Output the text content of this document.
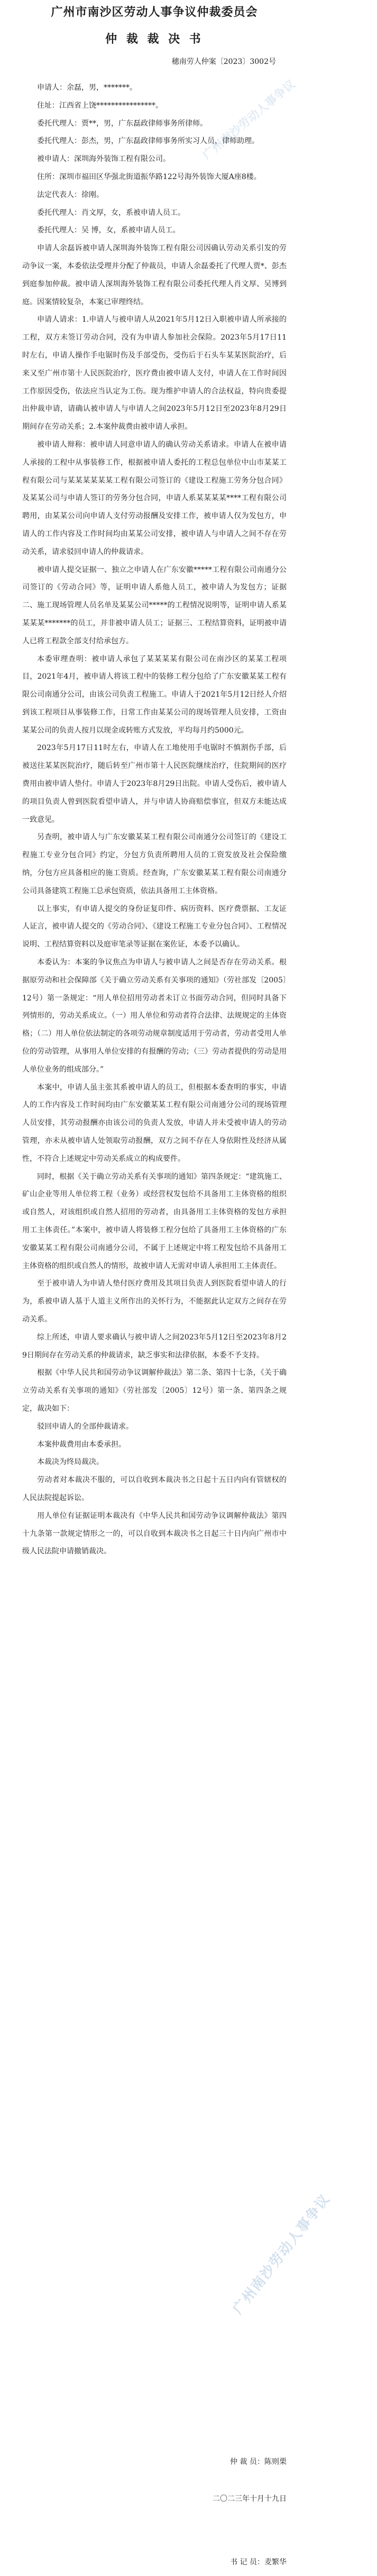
广州市南沙区劳动人事争议仲裁委员会
仲 裁 裁 决 书
穗南劳人仲案〔2023〕3002号

申请人：余磊，男，*******。

住址：江西省上饶****************。

委托代理人：贾**，男，广东磊政律师事务所律师。

委托代理人：彭杰，男，广东磊政律师事务所实习人员，律师助理。

被申请人：深圳海外装饰工程有限公司。

住所：深圳市福田区华强北街道振华路122号海外装饰大厦A座8楼。

法定代表人：徐刚。

委托代理人：肖文厚，女，系被申请人员工。

委托代理人：吴 博，女，系被申请人员工。

申请人余磊诉被申请人深圳海外装饰工程有限公司因确认劳动关系引发的劳动争议一案，本委依法受理并分配了仲裁员，申请人余磊委托了代理人贾*、彭杰到庭参加仲裁。被申请人深圳海外装饰工程有限公司委托代理人肖文厚、吴博到庭。因案情较复杂，本案已审理终结。

申请人请求：1.申请人与被申请人从2021年5月12日入职被申请人所承接的工程，双方未签订劳动合同，没有为申请人参加社会保险。2023年5月17日11时左右，申请人操作手电锯时伤及手部受伤，受伤后于石头车某某医院治疗，后来又至广州市第十人民医院治疗，医疗费由被申请人支付，申请人在工作时间因工作原因受伤，依法应当认定为工伤。现为维护申请人的合法权益，特向贵委提出仲裁申请，请确认被申请人与申请人之间2023年5月12日至2023年8月29日期间存在劳动关系；2.本案仲裁费由被申请人承担。

被申请人辩称：被申请人同意申请人的确认劳动关系请求。申请人在被申请人承接的工程中从事装修工作，根据被申请人委托的工程总包单位中山市某某工程有限公司与某某某某某某工程有限公司签订的《建设工程施工劳务分包合同》及某某公司与申请人签订的劳务分包合同，申请人系某某某某****工程有限公司聘用，由某某公司向申请人支付劳动报酬及安排工作，被申请人仅为发包方，申请人的工作内容及工作时间均由某某公司安排，被申请人与申请人之间不存在劳动关系，请求驳回申请人的仲裁请求。

被申请人提交证据一、独立之申请人在广东安徽*****工程有限公司南通分公司签订的《劳动合同》等，证明申请人系他人员工，被申请人为发包方；证据二、施工现场管理人员名单及某某公司*****的工程情况说明等，证明申请人系某某某某*******的员工，并非被申请人员工；证据三、工程结算资料，证明被申请人已将工程款全部支付给承包方。

本委审理查明：被申请人承包了某某某某有限公司在南沙区的某某工程项目，2021年4月，被申请人将该工程中的装修工程分包给了广东安徽某某工程有限公司南通分公司，由该公司负责工程施工。申请人于2021年5月12日经人介绍到该工程项目从事装修工作，日常工作由某某公司的现场管理人员安排，工资由某某公司的负责人按月以现金或转账方式发放，平均每月约5000元。

2023年5月17日11时左右，申请人在工地使用手电锯时不慎割伤手部，后被送往某某医院治疗，随后转至广州市第十人民医院继续治疗，住院期间的医疗费用由被申请人垫付。申请人于2023年8月29日出院。申请人受伤后，被申请人的项目负责人曾到医院看望申请人，并与申请人协商赔偿事宜，但双方未能达成一致意见。

另查明，被申请人与广东安徽某某工程有限公司南通分公司签订的《建设工程施工专业分包合同》约定，分包方负责所聘用人员的工资发放及社会保险缴纳，分包方应具备相应的施工资质。经查询，广东安徽某某工程有限公司南通分公司具备建筑工程施工总承包资质，依法具备用工主体资格。

以上事实，有申请人提交的身份证复印件、病历资料、医疗费票据、工友证人证言，被申请人提交的《劳动合同》、《建设工程施工专业分包合同》、工程情况说明、工程结算资料以及庭审笔录等证据在案佐证，本委予以确认。

本委认为：本案的争议焦点为申请人与被申请人之间是否存在劳动关系。根据原劳动和社会保障部《关于确立劳动关系有关事项的通知》（劳社部发〔2005〕12号）第一条规定：“用人单位招用劳动者未订立书面劳动合同，但同时具备下列情形的，劳动关系成立。（一）用人单位和劳动者符合法律、法规规定的主体资格；（二）用人单位依法制定的各项劳动规章制度适用于劳动者，劳动者受用人单位的劳动管理，从事用人单位安排的有报酬的劳动；（三）劳动者提供的劳动是用人单位业务的组成部分。”

本案中，申请人虽主张其系被申请人的员工，但根据本委查明的事实，申请人的工作内容及工作时间均由广东安徽某某工程有限公司南通分公司的现场管理人员安排，其劳动报酬亦由该公司的负责人发放，申请人并未受被申请人的劳动管理，亦未从被申请人处领取劳动报酬，双方之间不存在人身依附性及经济从属性，不符合上述规定中劳动关系成立的构成要件。

同时，根据《关于确立劳动关系有关事项的通知》第四条规定：“建筑施工、矿山企业等用人单位将工程（业务）或经营权发包给不具备用工主体资格的组织或自然人，对该组织或自然人招用的劳动者，由具备用工主体资格的发包方承担用工主体责任。”本案中，被申请人将装修工程分包给了具备用工主体资格的广东安徽某某工程有限公司南通分公司，不属于上述规定中将工程发包给不具备用工主体资格的组织或自然人的情形，故被申请人无需对申请人承担用工主体责任。

至于被申请人为申请人垫付医疗费用及其项目负责人到医院看望申请人的行为，系被申请人基于人道主义所作出的关怀行为，不能据此认定双方之间存在劳动关系。

综上所述，申请人要求确认与被申请人之间2023年5月12日至2023年8月29日期间存在劳动关系的仲裁请求，缺乏事实和法律依据，本委不予支持。

根据《中华人民共和国劳动争议调解仲裁法》第二条、第四十七条，《关于确立劳动关系有关事项的通知》（劳社部发〔2005〕12号）第一条、第四条之规定，裁决如下：

驳回申请人的全部仲裁请求。

本案仲裁费用由本委承担。

本裁决为终局裁决。

劳动者对本裁决不服的，可以自收到本裁决书之日起十五日内向有管辖权的人民法院提起诉讼。

用人单位有证据证明本裁决有《中华人民共和国劳动争议调解仲裁法》第四十九条第一款规定情形之一的，可以自收到本裁决书之日起三十日内向广州市中级人民法院申请撤销裁决。

广州南沙劳动人事争议
广州南沙劳动人事争议
仲 裁 员：陈则栗
二〇二三年十月十九日
书 记 员：麦繁华
